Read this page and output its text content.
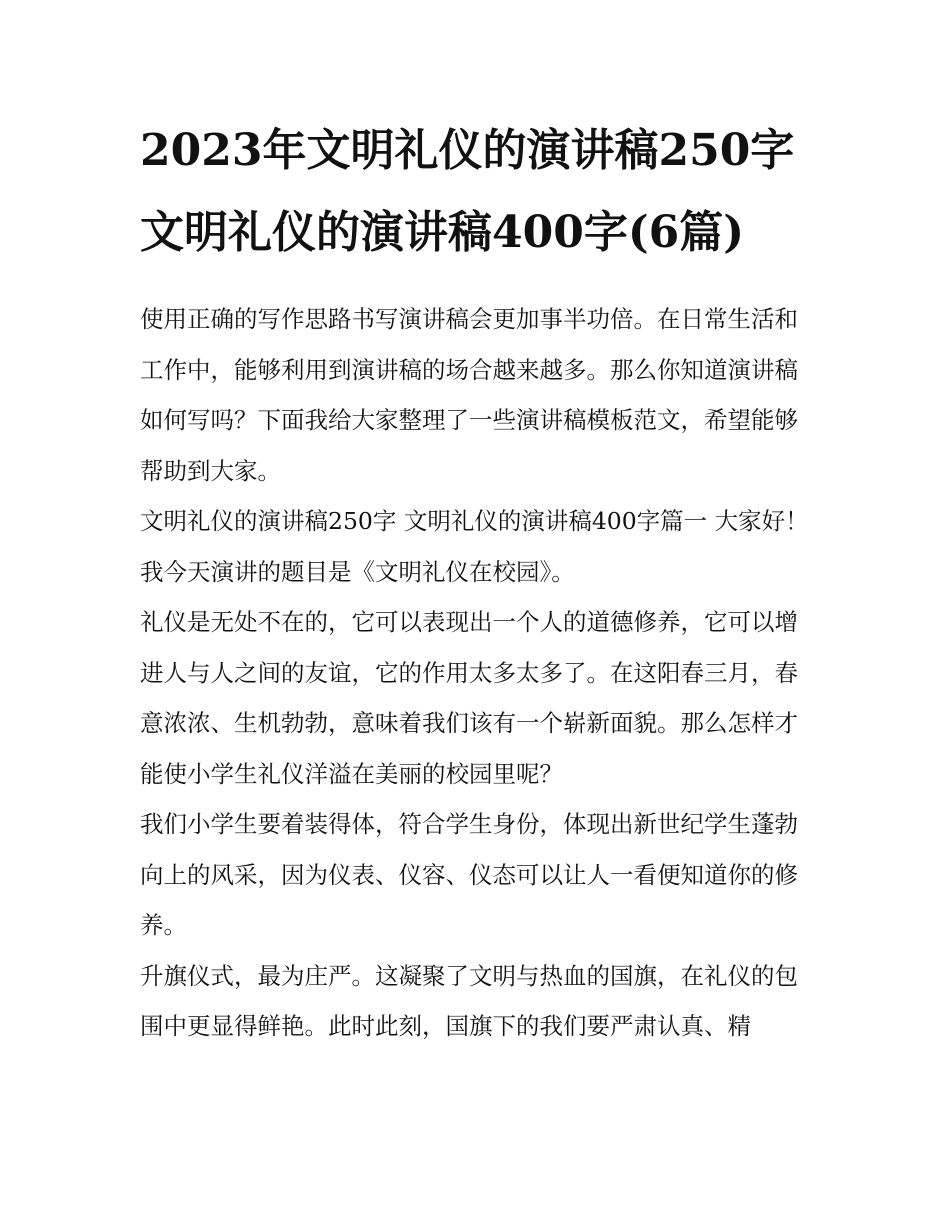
2023年文明礼仪的演讲稿250字 文明礼仪的演讲稿400字(6篇)

使用正确的写作思路书写演讲稿会更加事半功倍。在日常生活和工作中，能够利用到演讲稿的场合越来越多。那么你知道演讲稿如何写吗？下面我给大家整理了一些演讲稿模板范文，希望能够帮助到大家。

文明礼仪的演讲稿250字 文明礼仪的演讲稿400字篇一 大家好！ 我今天演讲的题目是《文明礼仪在校园》。

礼仪是无处不在的，它可以表现出一个人的道德修养，它可以增进人与人之间的友谊，它的作用太多太多了。在这阳春三月，春意浓浓、生机勃勃，意味着我们该有一个崭新面貌。那么怎样才能使小学生礼仪洋溢在美丽的校园里呢？

我们小学生要着装得体，符合学生身份，体现出新世纪学生蓬勃向上的风采，因为仪表、仪容、仪态可以让人一看便知道你的修养。

升旗仪式，最为庄严。这凝聚了文明与热血的国旗，在礼仪的包围中更显得鲜艳。此时此刻，国旗下的我们要严肃认真、精
